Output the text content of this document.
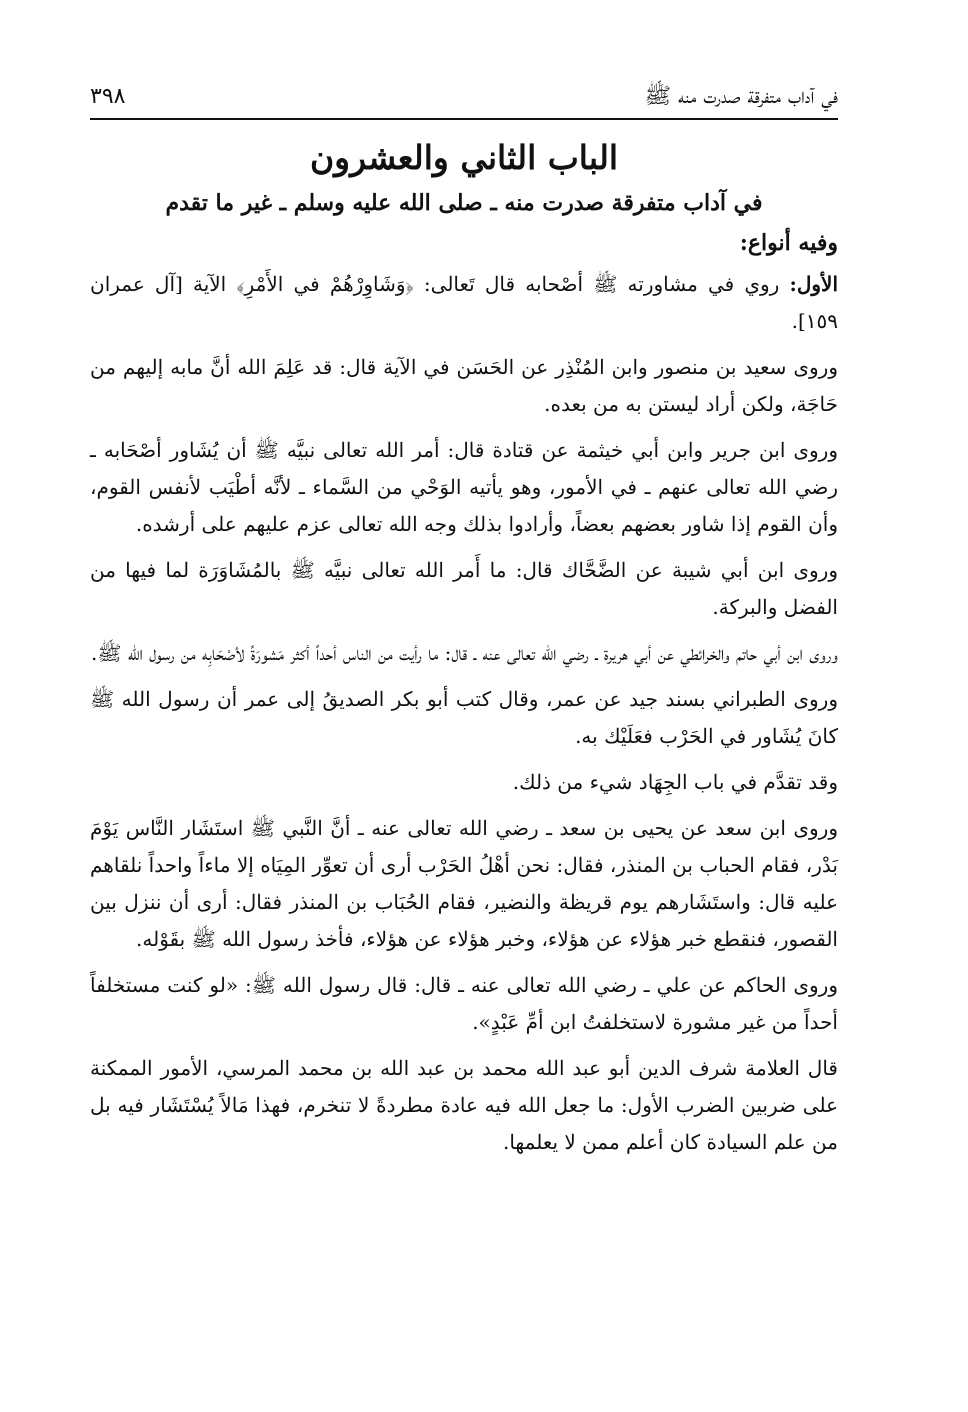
في آداب متفرقة صدرت منه ﷺ
٣٩٨
الباب الثاني والعشرون
في آداب متفرقة صدرت منه ـ صلى الله عليه وسلم ـ غير ما تقدم
وفيه أنواع:

الأول: روي في مشاورته ﷺ أصْحابه قال تَعالى: ﴿وَشَاوِرْهُمْ في الأَمْرِ﴾ الآية [آل عمران ١٥٩].

وروى سعيد بن منصور وابن المُنْذِر عن الحَسَن في الآية قال: قد عَلِمَ الله أنَّ مابه إليهم من حَاجَة، ولكن أراد ليستن به من بعده.

وروى ابن جرير وابن أبي خيثمة عن قتادة قال: أمر الله تعالى نبيَّه ﷺ أن يُشَاور أصْحَابه ـ رضي الله تعالى عنهم ـ في الأمور، وهو يأتيه الوَحْي من السَّماء ـ لأنَّه أطْيَب لأنفس القوم، وأن القوم إذا شاور بعضهم بعضاً، وأرادوا بذلك وجه الله تعالى عزم عليهم على أرشده.

وروى ابن أبي شيبة عن الضَّحَّاك قال: ما أَمر الله تعالى نبيَّه ﷺ بالمُشَاوَرَة لما فيها من الفضل والبركة.

وروى ابن أبي حاتم والخرائطي عن أبي هريرة ـ رضي الله تعالى عنه ـ قال: ما رأيت من الناس أحداً أكثر مَشورَةً لأصْحَابِه من رسول الله ﷺ.

وروى الطبراني بسند جيد عن عمر، وقال كتب أبو بكر الصديقُ إلى عمر أن رسول الله ﷺ كانَ يُشَاور في الحَرْب فعَلَيْك به.

وقد تقدَّم في باب الجِهَاد شيء من ذلك.

وروى ابن سعد عن يحيى بن سعد ـ رضي الله تعالى عنه ـ أنَّ النَّبي ﷺ استَشَار النَّاس يَوْمَ بَدْر، فقام الحباب بن المنذر، فقال: نحن أهْلُ الحَرْب أرى أن تعوِّر المِيَاه إلا ماءاً واحداً نلقاهم عليه قال: واستَشَارهم يوم قريظة والنضير، فقام الحُبَاب بن المنذر فقال: أرى أن ننزل بين القصور، فنقطع خبر هؤلاء عن هؤلاء، وخبر هؤلاء عن هؤلاء، فأخذ رسول الله ﷺ بقَوْله.

وروى الحاكم عن علي ـ رضي الله تعالى عنه ـ قال: قال رسول الله ﷺ: «لو كنت مستخلفاً أحداً من غير مشورة لاستخلفتُ ابن أمِّ عَبْدٍ».

قال العلامة شرف الدين أبو عبد الله محمد بن عبد الله بن محمد المرسي، الأمور الممكنة على ضربين الضرب الأول: ما جعل الله فيه عادة مطردةً لا تنخرم، فهذا مَالاً يُسْتَشَار فيه بل من علم السيادة كان أعلم ممن لا يعلمها.
